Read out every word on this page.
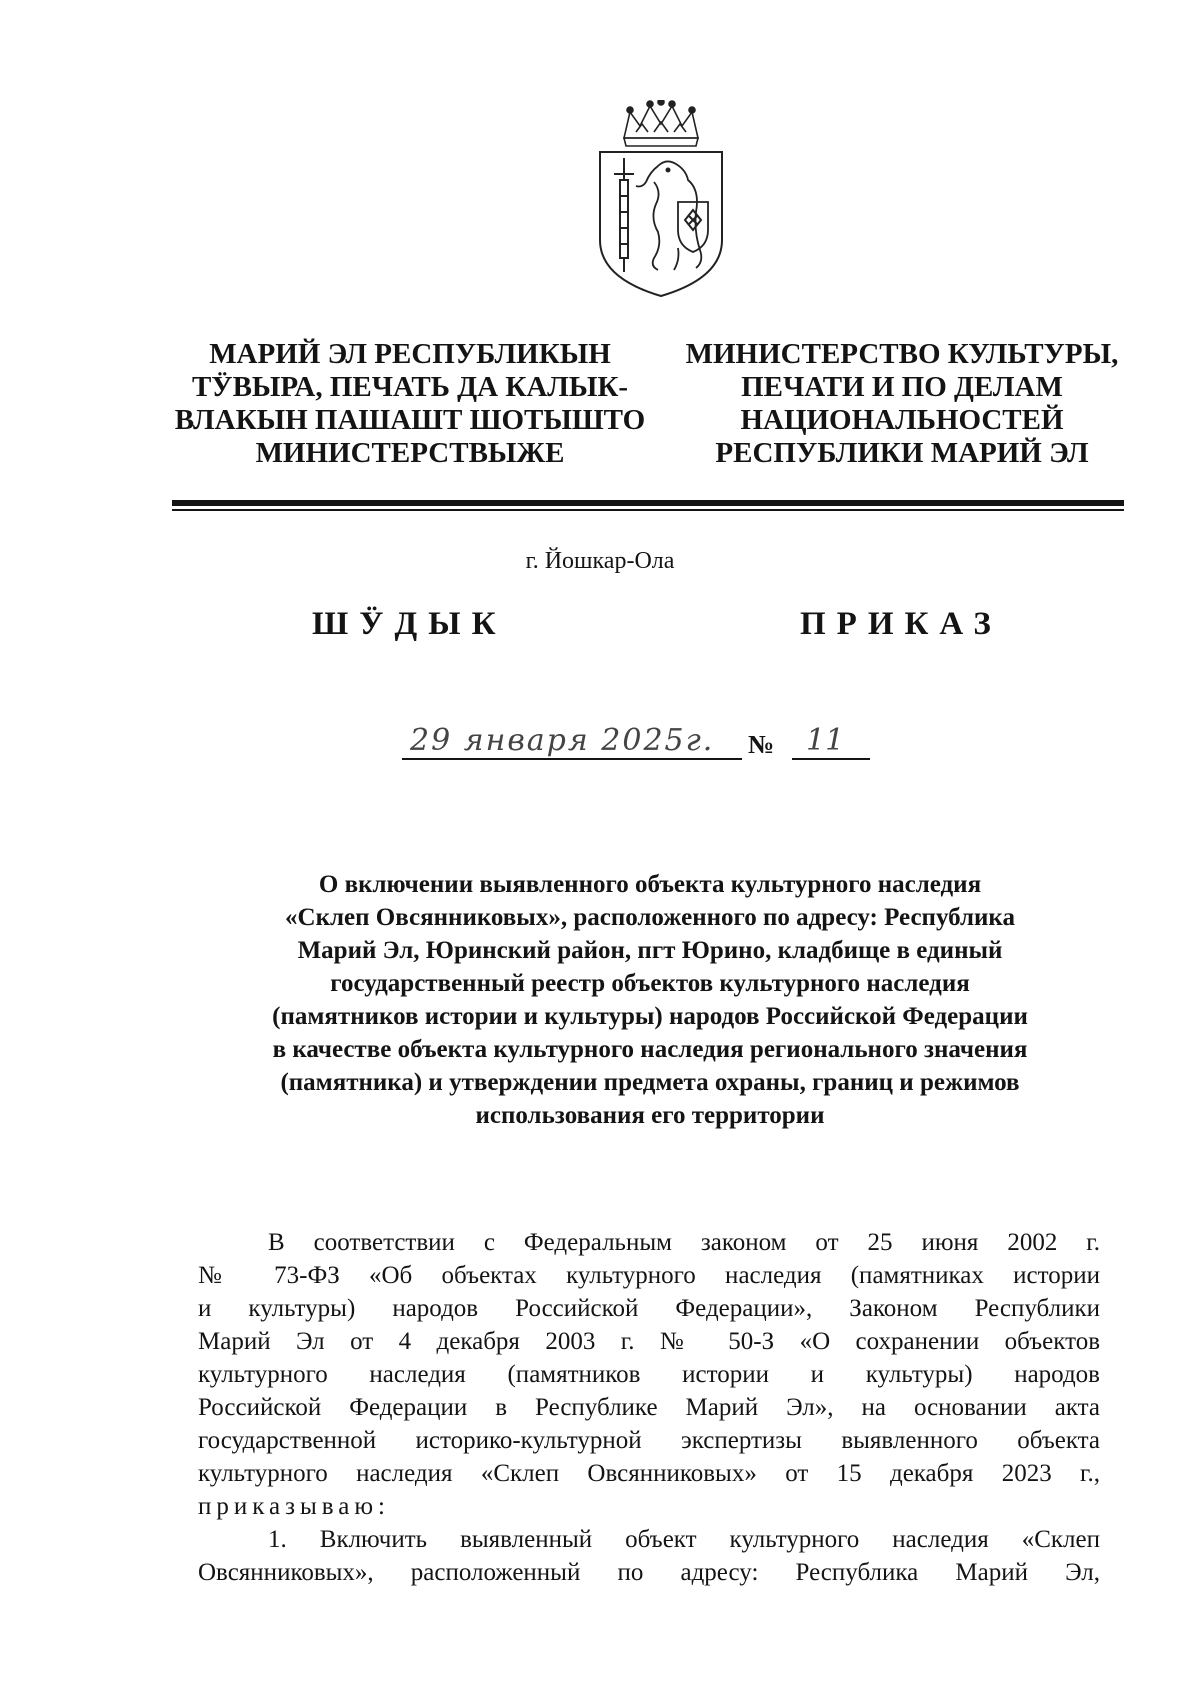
МАРИЙ ЭЛ РЕСПУБЛИКЫН
ТӰВЫРА, ПЕЧАТЬ ДА КАЛЫК-
ВЛАКЫН ПАШАШТ ШОТЫШТО
МИНИСТЕРСТВЫЖЕ
МИНИСТЕРСТВО КУЛЬТУРЫ,
ПЕЧАТИ И ПО ДЕЛАМ
НАЦИОНАЛЬНОСТЕЙ
РЕСПУБЛИКИ МАРИЙ ЭЛ
г. Йошкар-Ола
ШӰДЫК	ПРИКАЗ
29 января 2025г. № 11
О включении выявленного объекта культурного наследия
«Склеп Овсянниковых», расположенного по адресу: Республика
Марий Эл, Юринский район, пгт Юрино, кладбище в единый
государственный реестр объектов культурного наследия
(памятников истории и культуры) народов Российской Федерации
в качестве объекта культурного наследия регионального значения
(памятника) и утверждении предмета охраны, границ и режимов
использования его территории
В соответствии с Федеральным законом от 25 июня 2002 г.
№ 73-ФЗ «Об объектах культурного наследия (памятниках истории
и культуры) народов Российской Федерации», Законом Республики
Марий Эл от 4 декабря 2003 г. № 50-З «О сохранении объектов
культурного наследия (памятников истории и культуры) народов
Российской Федерации в Республике Марий Эл», на основании акта
государственной историко-культурной экспертизы выявленного объекта
культурного наследия «Склеп Овсянниковых» от 15 декабря 2023 г.,
приказываю:
1. Включить выявленный объект культурного наследия «Склеп
Овсянниковых», расположенный по адресу: Республика Марий Эл,
